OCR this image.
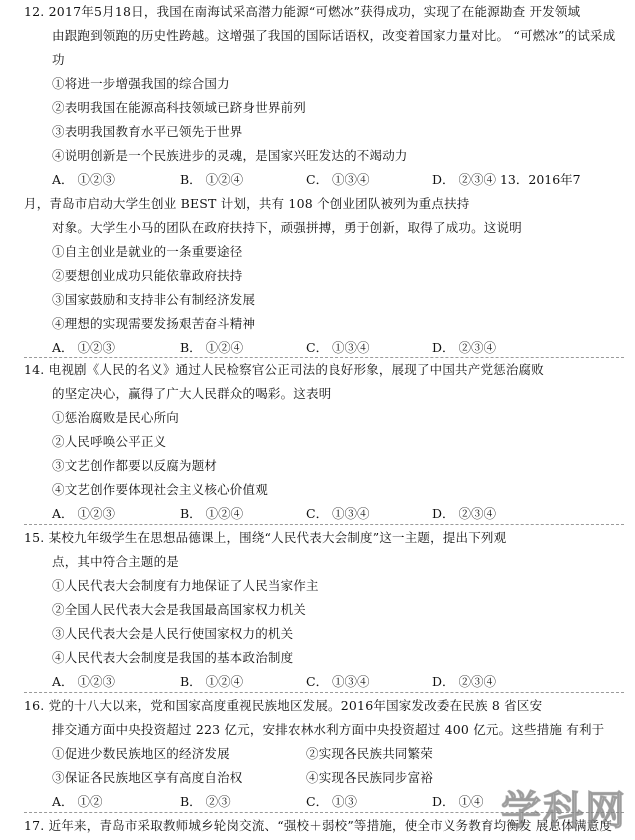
12. 2017年5月18日，我国在南海试采高潜力能源“可燃冰”获得成功，实现了在能源勘查 开发领域
由跟跑到领跑的历史性跨越。这增强了我国的国际话语权，改变着国家力量对比。 “可燃冰”的试采成
功
①将进一步增强我国的综合国力
②表明我国在能源高科技领域已跻身世界前列
③表明我国教育水平已领先于世界
④说明创新是一个民族进步的灵魂，是国家兴旺发达的不竭动力
A． ①②③	B． ①②④	C． ①③④	D． ②③④ 13．2016年7
月，青岛市启动大学生创业 BEST 计划，共有 108 个创业团队被列为重点扶持
对象。大学生小马的团队在政府扶持下，顽强拼搏，勇于创新，取得了成功。这说明
①自主创业是就业的一条重要途径
②要想创业成功只能依靠政府扶持
③国家鼓励和支持非公有制经济发展
④理想的实现需要发扬艰苦奋斗精神
A． ①②③	B． ①②④	C． ①③④	D． ②③④
14. 电视剧《人民的名义》通过人民检察官公正司法的良好形象，展现了中国共产党惩治腐败
的坚定决心，赢得了广大人民群众的喝彩。这表明
①惩治腐败是民心所向
②人民呼唤公平正义
③文艺创作都要以反腐为题材
④文艺创作要体现社会主义核心价值观
A． ①②③	B． ①②④	C． ①③④	D． ②③④
15. 某校九年级学生在思想品德课上，围绕“人民代表大会制度”这一主题，提出下列观
点，其中符合主题的是
①人民代表大会制度有力地保证了人民当家作主
②全国人民代表大会是我国最高国家权力机关
③人民代表大会是人民行使国家权力的机关
④人民代表大会制度是我国的基本政治制度
A． ①②③	B． ①②④	C． ①③④	D． ②③④
16. 党的十八大以来，党和国家高度重视民族地区发展。2016年国家发改委在民族 8 省区安
排交通方面中央投资超过 223 亿元，安排农林水利方面中央投资超过 400 亿元。这些措施 有利于
①促进少数民族地区的经济发展	②实现各民族共同繁荣
③保证各民族地区享有高度自治权	④实现各民族同步富裕
A． ①②	B． ②③	C． ①③	D． ①④
17. 近年来，青岛市采取教师城乡轮岗交流、“强校＋弱校”等措施，使全市义务教育均衡发 展总体满意度
学科网
